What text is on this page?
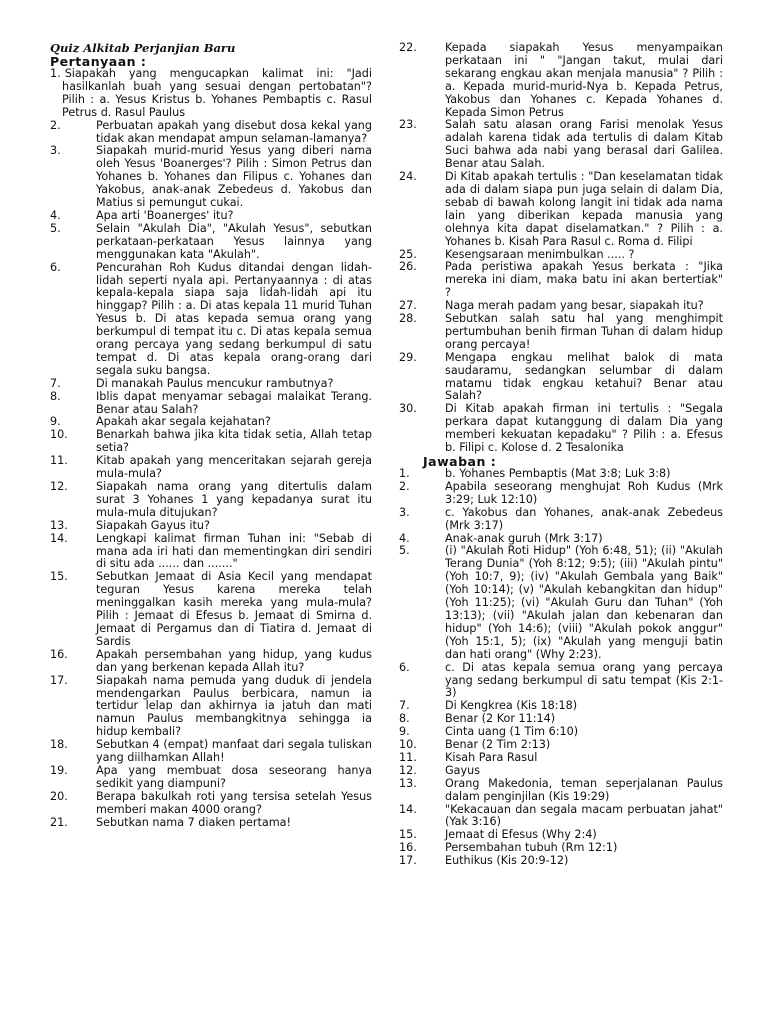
Quiz Alkitab Perjanjian Baru

Pertanyaan :

1. Siapakah yang mengucapkan kalimat ini: "Jadi hasilkanlah buah yang sesuai dengan pertobatan"? Pilih : a. Yesus Kristus b. Yohanes Pembaptis c. Rasul Petrus d. Rasul Paulus
2.	Perbuatan apakah yang disebut dosa kekal yang tidak akan mendapat ampun selaman-lamanya?
3.	Siapakah murid-murid Yesus yang diberi nama oleh Yesus 'Boanerges'? Pilih : Simon Petrus dan Yohanes b. Yohanes dan Filipus c. Yohanes dan Yakobus, anak-anak Zebedeus d. Yakobus dan Matius si pemungut cukai.
4.	Apa arti 'Boanerges' itu?
5.	Selain "Akulah Dia", "Akulah Yesus", sebutkan perkataan-perkataan Yesus lainnya yang menggunakan kata "Akulah".
6.	Pencurahan Roh Kudus ditandai dengan lidah-lidah seperti nyala api. Pertanyaannya : di atas kepala-kepala siapa saja lidah-lidah api itu hinggap? Pilih : a. Di atas kepala 11 murid Tuhan Yesus b. Di atas kepada semua orang yang berkumpul di tempat itu c. Di atas kepala semua orang percaya yang sedang berkumpul di satu tempat d. Di atas kepala orang-orang dari segala suku bangsa.
7.	Di manakah Paulus mencukur rambutnya?
8.	Iblis dapat menyamar sebagai malaikat Terang. Benar atau Salah?
9.	Apakah akar segala kejahatan?
10.	Benarkah bahwa jika kita tidak setia, Allah tetap setia?
11.	Kitab apakah yang menceritakan sejarah gereja mula-mula?
12.	Siapakah nama orang yang ditertulis dalam surat 3 Yohanes 1 yang kepadanya surat itu mula-mula ditujukan?
13.	Siapakah Gayus itu?
14.	Lengkapi kalimat firman Tuhan ini: "Sebab di mana ada iri hati dan mementingkan diri sendiri di situ ada ...... dan ......."
15.	Sebutkan Jemaat di Asia Kecil yang mendapat teguran Yesus karena mereka telah meninggalkan kasih mereka yang mula-mula? Pilih : Jemaat di Efesus b. Jemaat di Smirna d. Jemaat di Pergamus dan di Tiatira d. Jemaat di Sardis
16.	Apakah persembahan yang hidup, yang kudus dan yang berkenan kepada Allah itu?
17.	Siapakah nama pemuda yang duduk di jendela mendengarkan Paulus berbicara, namun ia tertidur lelap dan akhirnya ia jatuh dan mati namun Paulus membangkitnya sehingga ia hidup kembali?
18.	Sebutkan 4 (empat) manfaat dari segala tuliskan yang diilhamkan Allah!
19.	Apa yang membuat dosa seseorang hanya sedikit yang diampuni?
20.	Berapa bakulkah roti yang tersisa setelah Yesus memberi makan 4000 orang?
21.	Sebutkan nama 7 diaken pertama!
22.	Kepada siapakah Yesus menyampaikan perkataan ini " "Jangan takut, mulai dari sekarang engkau akan menjala manusia" ? Pilih : a. Kepada murid-murid-Nya b. Kepada Petrus, Yakobus dan Yohanes c. Kepada Yohanes d. Kepada Simon Petrus
23.	Salah satu alasan orang Farisi menolak Yesus adalah karena tidak ada tertulis di dalam Kitab Suci bahwa ada nabi yang berasal dari Galilea. Benar atau Salah.
24.	Di Kitab apakah tertulis : "Dan keselamatan tidak ada di dalam siapa pun juga selain di dalam Dia, sebab di bawah kolong langit ini tidak ada nama lain yang diberikan kepada manusia yang olehnya kita dapat diselamatkan." ? Pilih : a. Yohanes b. Kisah Para Rasul c. Roma d. Filipi
25.	Kesengsaraan menimbulkan ..... ?
26.	Pada peristiwa apakah Yesus berkata : "Jika mereka ini diam, maka batu ini akan bertertiak" ?
27.	Naga merah padam yang besar, siapakah itu?
28.	Sebutkan salah satu hal yang menghimpit pertumbuhan benih firman Tuhan di dalam hidup orang percaya!
29.	Mengapa engkau melihat balok di mata saudaramu, sedangkan selumbar di dalam matamu tidak engkau ketahui? Benar atau Salah?
30.	Di Kitab apakah firman ini tertulis : "Segala perkara dapat kutanggung di dalam Dia yang memberi kekuatan kepadaku" ? Pilih : a. Efesus b. Filipi c. Kolose d. 2 Tesalonika

Jawaban :

1.	b. Yohanes Pembaptis (Mat 3:8; Luk 3:8)
2.	Apabila seseorang menghujat Roh Kudus (Mrk 3:29; Luk 12:10)
3.	c. Yakobus dan Yohanes, anak-anak Zebedeus (Mrk 3:17)
4.	Anak-anak guruh (Mrk 3:17)
5.	(i) "Akulah Roti Hidup" (Yoh 6:48, 51); (ii) "Akulah Terang Dunia" (Yoh 8:12; 9:5); (iii) "Akulah pintu" (Yoh 10:7, 9); (iv) "Akulah Gembala yang Baik" (Yoh 10:14); (v) "Akulah kebangkitan dan hidup" (Yoh 11:25); (vi) "Akulah Guru dan Tuhan" (Yoh 13:13); (vii) "Akulah jalan dan kebenaran dan hidup" (Yoh 14:6); (viii) "Akulah pokok anggur" (Yoh 15:1, 5); (ix) "Akulah yang menguji batin dan hati orang" (Why 2:23).
6.	c. Di atas kepala semua orang yang percaya yang sedang berkumpul di satu tempat (Kis 2:1-3)
7.	Di Kengkrea (Kis 18:18)
8.	Benar (2 Kor 11:14)
9.	Cinta uang (1 Tim 6:10)
10.	Benar (2 Tim 2:13)
11.	Kisah Para Rasul
12.	Gayus
13.	Orang Makedonia, teman seperjalanan Paulus dalam penginjilan (Kis 19:29)
14.	"Kekacauan dan segala macam perbuatan jahat" (Yak 3:16)
15.	Jemaat di Efesus (Why 2:4)
16.	Persembahan tubuh (Rm 12:1)
17.	Euthikus (Kis 20:9-12)
